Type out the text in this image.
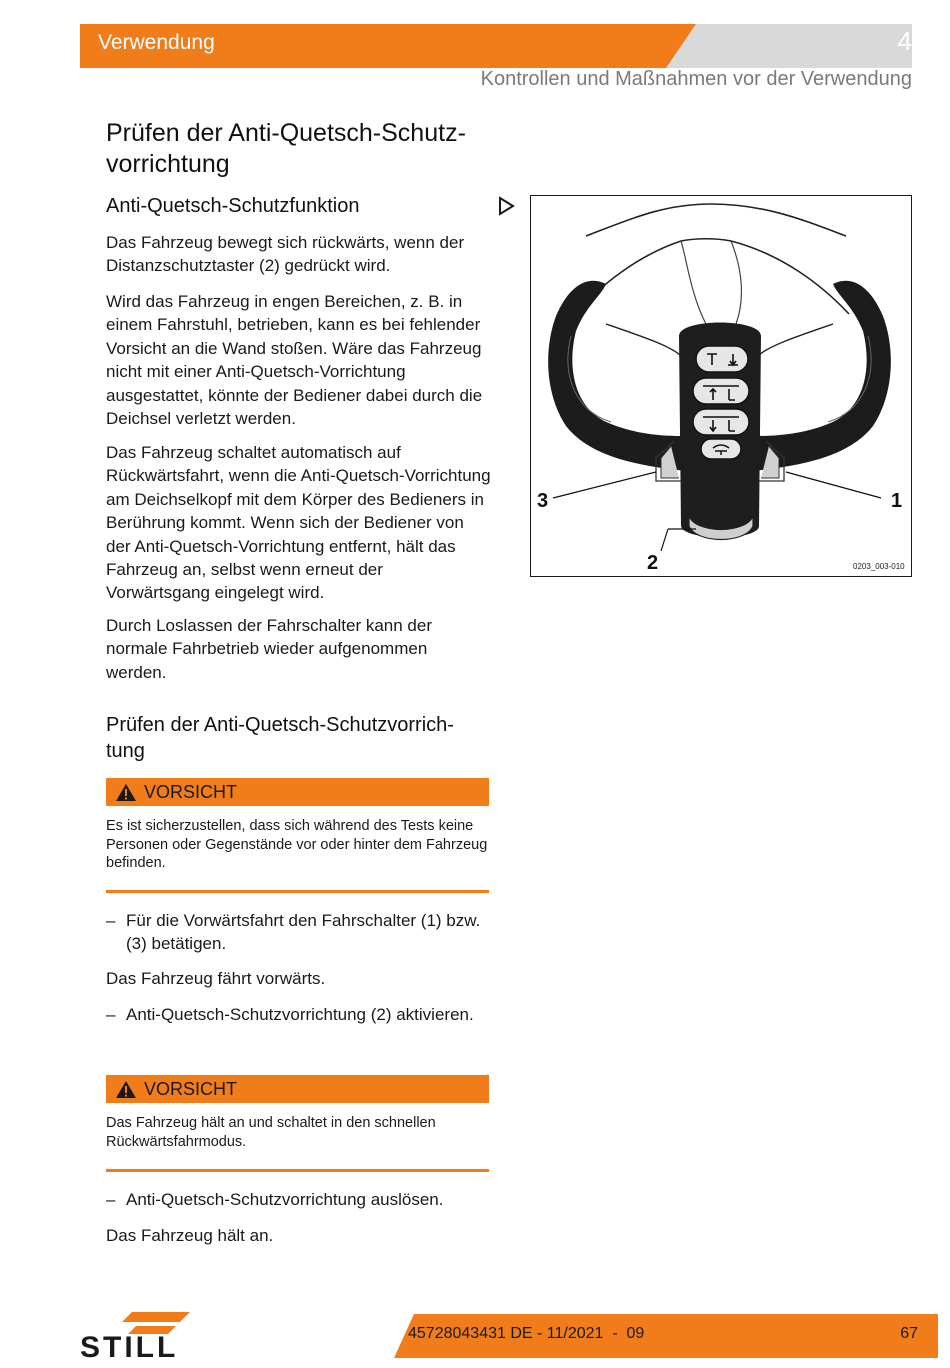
Verwendung	4
Kontrollen und Maßnahmen vor der Verwendung
Prüfen der Anti-Quetsch-Schutz-
vorrichtung
Anti-Quetsch-Schutzfunktion
Das Fahrzeug bewegt sich rückwärts, wenn der Distanzschutztaster (2) gedrückt wird.
Wird das Fahrzeug in engen Bereichen, z. B. in einem Fahrstuhl, betrieben, kann es bei fehlender Vorsicht an die Wand stoßen. Wäre das Fahrzeug nicht mit einer Anti-Quetsch-Vorrichtung ausgestattet, könnte der Bediener dabei durch die Deichsel verletzt werden.
Das Fahrzeug schaltet automatisch auf Rückwärtsfahrt, wenn die Anti-Quetsch-Vorrichtung am Deichselkopf mit dem Körper des Bedieners in Berührung kommt. Wenn sich der Bediener von der Anti-Quetsch-Vorrichtung entfernt, hält das Fahrzeug an, selbst wenn erneut der Vorwärtsgang eingelegt wird.
Durch Loslassen der Fahrschalter kann der normale Fahrbetrieb wieder aufgenommen werden.
Prüfen der Anti-Quetsch-Schutzvorrich-
tung
VORSICHT
Es ist sicherzustellen, dass sich während des Tests keine Personen oder Gegenstände vor oder hinter dem Fahrzeug befinden.
– Für die Vorwärtsfahrt den Fahrschalter (1) bzw. (3) betätigen.
Das Fahrzeug fährt vorwärts.
– Anti-Quetsch-Schutzvorrichtung (2) aktivieren.
VORSICHT
Das Fahrzeug hält an und schaltet in den schnellen Rückwärtsfahrmodus.
– Anti-Quetsch-Schutzvorrichtung auslösen.
Das Fahrzeug hält an.
3	1
2	0203_003-010
STILL	45728043431 DE - 11/2021  -  09	67
